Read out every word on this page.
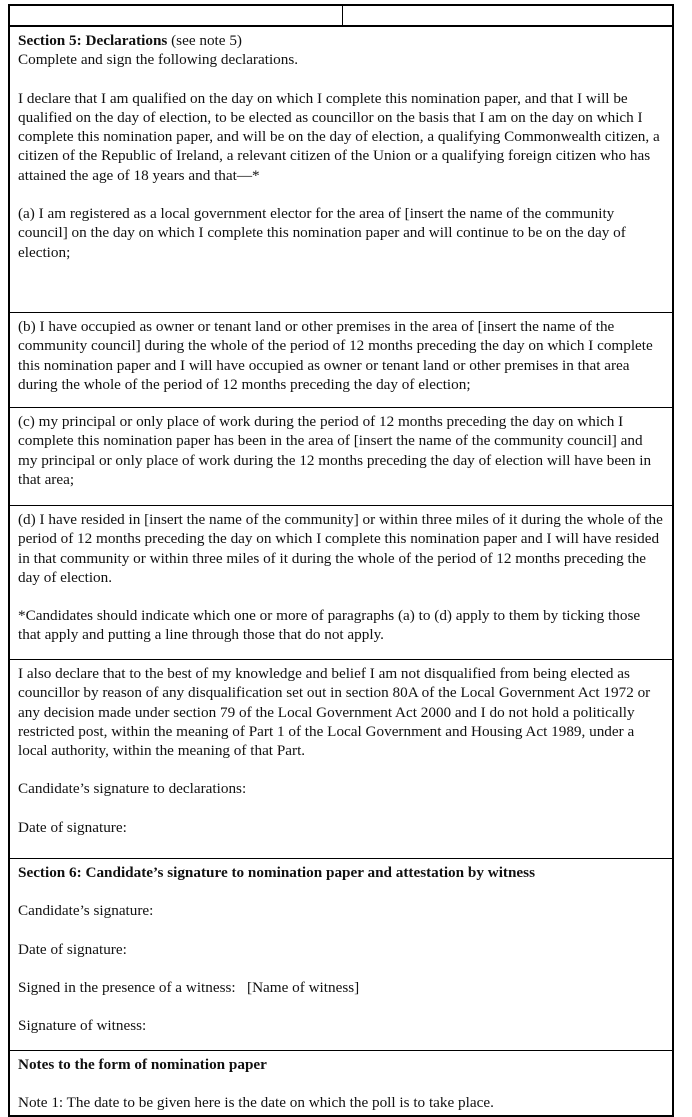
Section 5: Declarations (see note 5)

Complete and sign the following declarations.

I declare that I am qualified on the day on which I complete this nomination paper, and that I will be qualified on the day of election, to be elected as councillor on the basis that I am on the day on which I complete this nomination paper, and will be on the day of election, a qualifying Commonwealth citizen, a citizen of the Republic of Ireland, a relevant citizen of the Union or a qualifying foreign citizen who has attained the age of 18 years and that—*

(a) I am registered as a local government elector for the area of [insert the name of the community council] on the day on which I complete this nomination paper and will continue to be on the day of election;

(b) I have occupied as owner or tenant land or other premises in the area of [insert the name of the community council] during the whole of the period of 12 months preceding the day on which I complete this nomination paper and I will have occupied as owner or tenant land or other premises in that area during the whole of the period of 12 months preceding the day of election;

(c) my principal or only place of work during the period of 12 months preceding the day on which I complete this nomination paper has been in the area of [insert the name of the community council] and my principal or only place of work during the 12 months preceding the day of election will have been in that area;

(d) I have resided in [insert the name of the community] or within three miles of it during the whole of the period of 12 months preceding the day on which I complete this nomination paper and I will have resided in that community or within three miles of it during the whole of the period of 12 months preceding the day of election.

*Candidates should indicate which one or more of paragraphs (a) to (d) apply to them by ticking those that apply and putting a line through those that do not apply.

I also declare that to the best of my knowledge and belief I am not disqualified from being elected as councillor by reason of any disqualification set out in section 80A of the Local Government Act 1972 or any decision made under section 79 of the Local Government Act 2000 and I do not hold a politically restricted post, within the meaning of Part 1 of the Local Government and Housing Act 1989, under a local authority, within the meaning of that Part.

Candidate’s signature to declarations:

Date of signature:

Section 6: Candidate’s signature to nomination paper and attestation by witness

Candidate’s signature:

Date of signature:

Signed in the presence of a witness:   [Name of witness]

Signature of witness:

Notes to the form of nomination paper

Note 1: The date to be given here is the date on which the poll is to take place.
